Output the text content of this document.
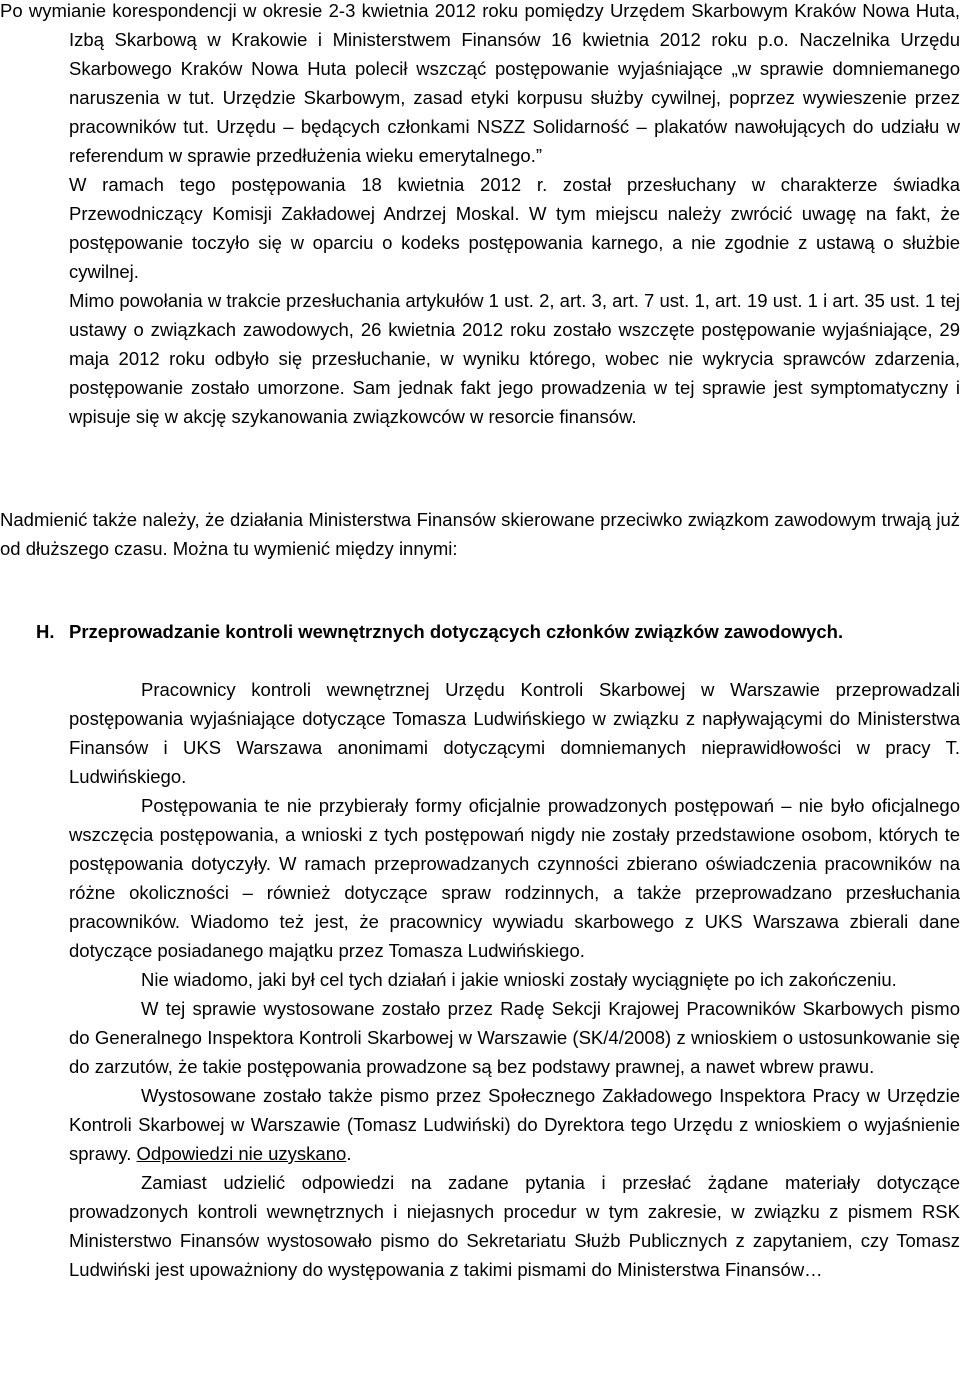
Po wymianie korespondencji w okresie 2-3 kwietnia 2012 roku pomiędzy Urzędem Skarbowym Kraków Nowa Huta, Izbą Skarbową w Krakowie i Ministerstwem Finansów 16 kwietnia 2012 roku p.o. Naczelnika Urzędu Skarbowego Kraków Nowa Huta polecił wszcząć postępowanie wyjaśniające „w sprawie domniemanego naruszenia w tut. Urzędzie Skarbowym, zasad etyki korpusu służby cywilnej, poprzez wywieszenie przez pracowników tut. Urzędu – będących członkami NSZZ Solidarność – plakatów nawołujących do udziału w referendum w sprawie przedłużenia wieku emerytalnego.”

W ramach tego postępowania 18 kwietnia 2012 r. został przesłuchany w charakterze świadka Przewodniczący Komisji Zakładowej Andrzej Moskal. W tym miejscu należy zwrócić uwagę na fakt, że postępowanie toczyło się w oparciu o kodeks postępowania karnego, a nie zgodnie z ustawą o służbie cywilnej.

Mimo powołania w trakcie przesłuchania artykułów 1 ust. 2, art. 3, art. 7 ust. 1, art. 19 ust. 1 i art. 35 ust. 1 tej ustawy o związkach zawodowych, 26 kwietnia 2012 roku zostało wszczęte postępowanie wyjaśniające, 29 maja 2012 roku odbyło się przesłuchanie, w wyniku którego, wobec nie wykrycia sprawców zdarzenia, postępowanie zostało umorzone. Sam jednak fakt jego prowadzenia w tej sprawie jest symptomatyczny i wpisuje się w akcję szykanowania związkowców w resorcie finansów.

Nadmienić także należy, że działania Ministerstwa Finansów skierowane przeciwko związkom zawodowym trwają już od dłuższego czasu. Można tu wymienić między innymi:

H. Przeprowadzanie kontroli wewnętrznych dotyczących członków związków zawodowych.

Pracownicy kontroli wewnętrznej Urzędu Kontroli Skarbowej w Warszawie przeprowadzali postępowania wyjaśniające dotyczące Tomasza Ludwińskiego w związku z napływającymi do Ministerstwa Finansów i UKS Warszawa anonimami dotyczącymi domniemanych nieprawidłowości w pracy T. Ludwińskiego.

Postępowania te nie przybierały formy oficjalnie prowadzonych postępowań – nie było oficjalnego wszczęcia postępowania, a wnioski z tych postępowań nigdy nie zostały przedstawione osobom, których te postępowania dotyczyły. W ramach przeprowadzanych czynności zbierano oświadczenia pracowników na różne okoliczności – również dotyczące spraw rodzinnych, a także przeprowadzano przesłuchania pracowników. Wiadomo też jest, że pracownicy wywiadu skarbowego z UKS Warszawa zbierali dane dotyczące posiadanego majątku przez Tomasza Ludwińskiego.

Nie wiadomo, jaki był cel tych działań i jakie wnioski zostały wyciągnięte po ich zakończeniu.

W tej sprawie wystosowane zostało przez Radę Sekcji Krajowej Pracowników Skarbowych pismo do Generalnego Inspektora Kontroli Skarbowej w Warszawie (SK/4/2008) z wnioskiem o ustosunkowanie się do zarzutów, że takie postępowania prowadzone są bez podstawy prawnej, a nawet wbrew prawu.

Wystosowane zostało także pismo przez Społecznego Zakładowego Inspektora Pracy w Urzędzie Kontroli Skarbowej w Warszawie (Tomasz Ludwiński) do Dyrektora tego Urzędu z wnioskiem o wyjaśnienie sprawy. Odpowiedzi nie uzyskano.

Zamiast udzielić odpowiedzi na zadane pytania i przesłać żądane materiały dotyczące prowadzonych kontroli wewnętrznych i niejasnych procedur w tym zakresie, w związku z pismem RSK Ministerstwo Finansów wystosowało pismo do Sekretariatu Służb Publicznych z zapytaniem, czy Tomasz Ludwiński jest upoważniony do występowania z takimi pismami do Ministerstwa Finansów…
